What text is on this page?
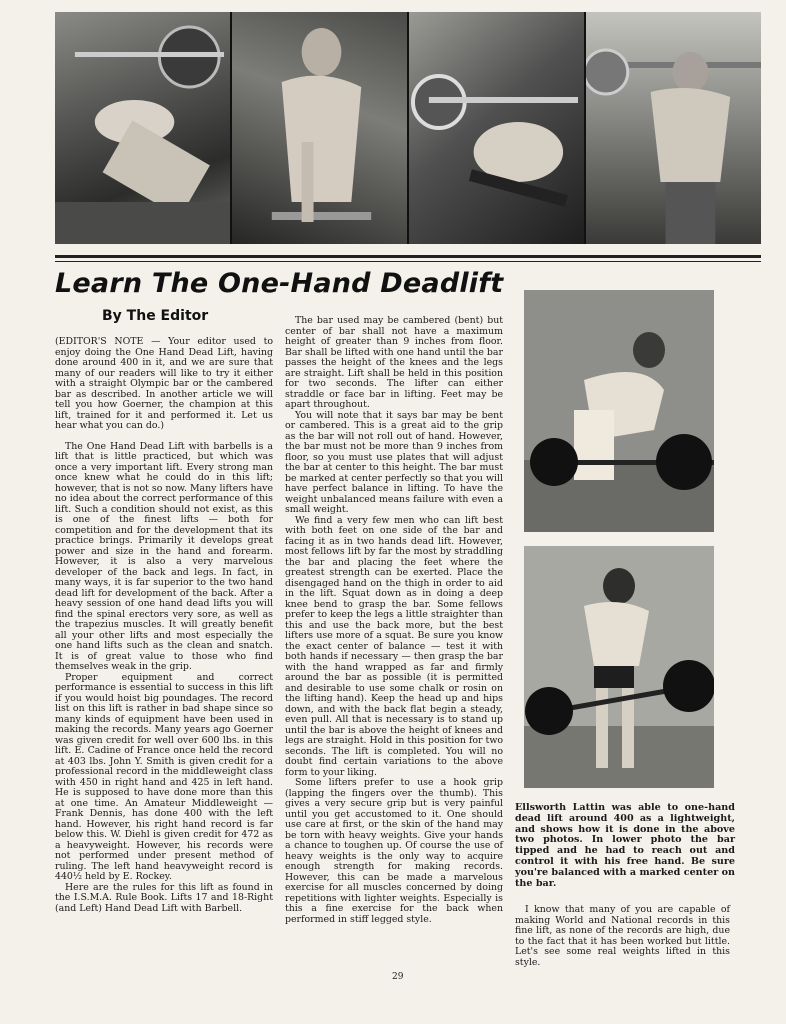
Learn The One-Hand Deadlift
By The Editor

(EDITOR'S NOTE — Your editor used to enjoy doing the One Hand Dead Lift, having done around 400 in it, and we are sure that many of our readers will like to try it either with a straight Olympic bar or the cambered bar as described. In another article we will tell you how Goerner, the champion at this lift, trained for it and performed it. Let us hear what you can do.)

The One Hand Dead Lift with barbells is a lift that is little practiced, but which was once a very important lift. Every strong man once knew what he could do in this lift; however, that is not so now. Many lifters have no idea about the correct performance of this lift. Such a condition should not exist, as this is one of the finest lifts — both for competition and for the development that its practice brings. Primarily it develops great power and size in the hand and forearm. However, it is also a very marvelous developer of the back and legs. In fact, in many ways, it is far superior to the two hand dead lift for development of the back. After a heavy session of one hand dead lifts you will find the spinal erectors very sore, as well as the trapezius muscles. It will greatly benefit all your other lifts and most especially the one hand lifts such as the clean and snatch. It is of great value to those who find themselves weak in the grip.

Proper equipment and correct performance is essential to success in this lift if you would hoist big poundages. The record list on this lift is rather in bad shape since so many kinds of equipment have been used in making the records. Many years ago Goerner was given credit for well over 600 lbs. in this lift. E. Cadine of France once held the record at 403 lbs. John Y. Smith is given credit for a professional record in the middleweight class with 450 in right hand and 425 in left hand. He is supposed to have done more than this at one time. An Amateur Middleweight — Frank Dennis, has done 400 with the left hand. However, his right hand record is far below this. W. Diehl is given credit for 472 as a heavyweight. However, his records were not performed under present method of ruling. The left hand heavyweight record is 440½ held by E. Rockey.

Here are the rules for this lift as found in the I.S.M.A. Rule Book. Lifts 17 and 18-Right (and Left) Hand Dead Lift with Barbell.

The bar used may be cambered (bent) but center of bar shall not have a maximum height of greater than 9 inches from floor. Bar shall be lifted with one hand until the bar passes the height of the knees and the legs are straight. Lift shall be held in this position for two seconds. The lifter can either straddle or face bar in lifting. Feet may be apart throughout.

You will note that it says bar may be bent or cambered. This is a great aid to the grip as the bar will not roll out of hand. However, the bar must not be more than 9 inches from floor, so you must use plates that will adjust the bar at center to this height. The bar must be marked at center perfectly so that you will have perfect balance in lifting. To have the weight unbalanced means failure with even a small weight.

We find a very few men who can lift best with both feet on one side of the bar and facing it as in two hands dead lift. However, most fellows lift by far the most by straddling the bar and placing the feet where the greatest strength can be exerted. Place the disengaged hand on the thigh in order to aid in the lift. Squat down as in doing a deep knee bend to grasp the bar. Some fellows prefer to keep the legs a little straighter than this and use the back more, but the best lifters use more of a squat. Be sure you know the exact center of balance — test it with both hands if necessary — then grasp the bar with the hand wrapped as far and firmly around the bar as possible (it is permitted and desirable to use some chalk or rosin on the lifting hand). Keep the head up and hips down, and with the back flat begin a steady, even pull. All that is necessary is to stand up until the bar is above the height of knees and legs are straight. Hold in this position for two seconds. The lift is completed. You will no doubt find certain variations to the above form to your liking.

Some lifters prefer to use a hook grip (lapping the fingers over the thumb). This gives a very secure grip but is very painful until you get accustomed to it. One should use care at first, or the skin of the hand may be torn with heavy weights. Give your hands a chance to toughen up. Of course the use of heavy weights is the only way to acquire enough strength for making records. However, this can be made a marvelous exercise for all muscles concerned by doing repetitions with lighter weights. Especially is this a fine exercise for the back when performed in stiff legged style.

Ellsworth Lattin was able to one-hand dead lift around 400 as a lightweight, and shows how it is done in the above two photos. In lower photo the bar tipped and he had to reach out and control it with his free hand. Be sure you're balanced with a marked center on the bar.

I know that many of you are capable of making World and National records in this fine lift, as none of the records are high, due to the fact that it has been worked but little. Let's see some real weights lifted in this style.

29
